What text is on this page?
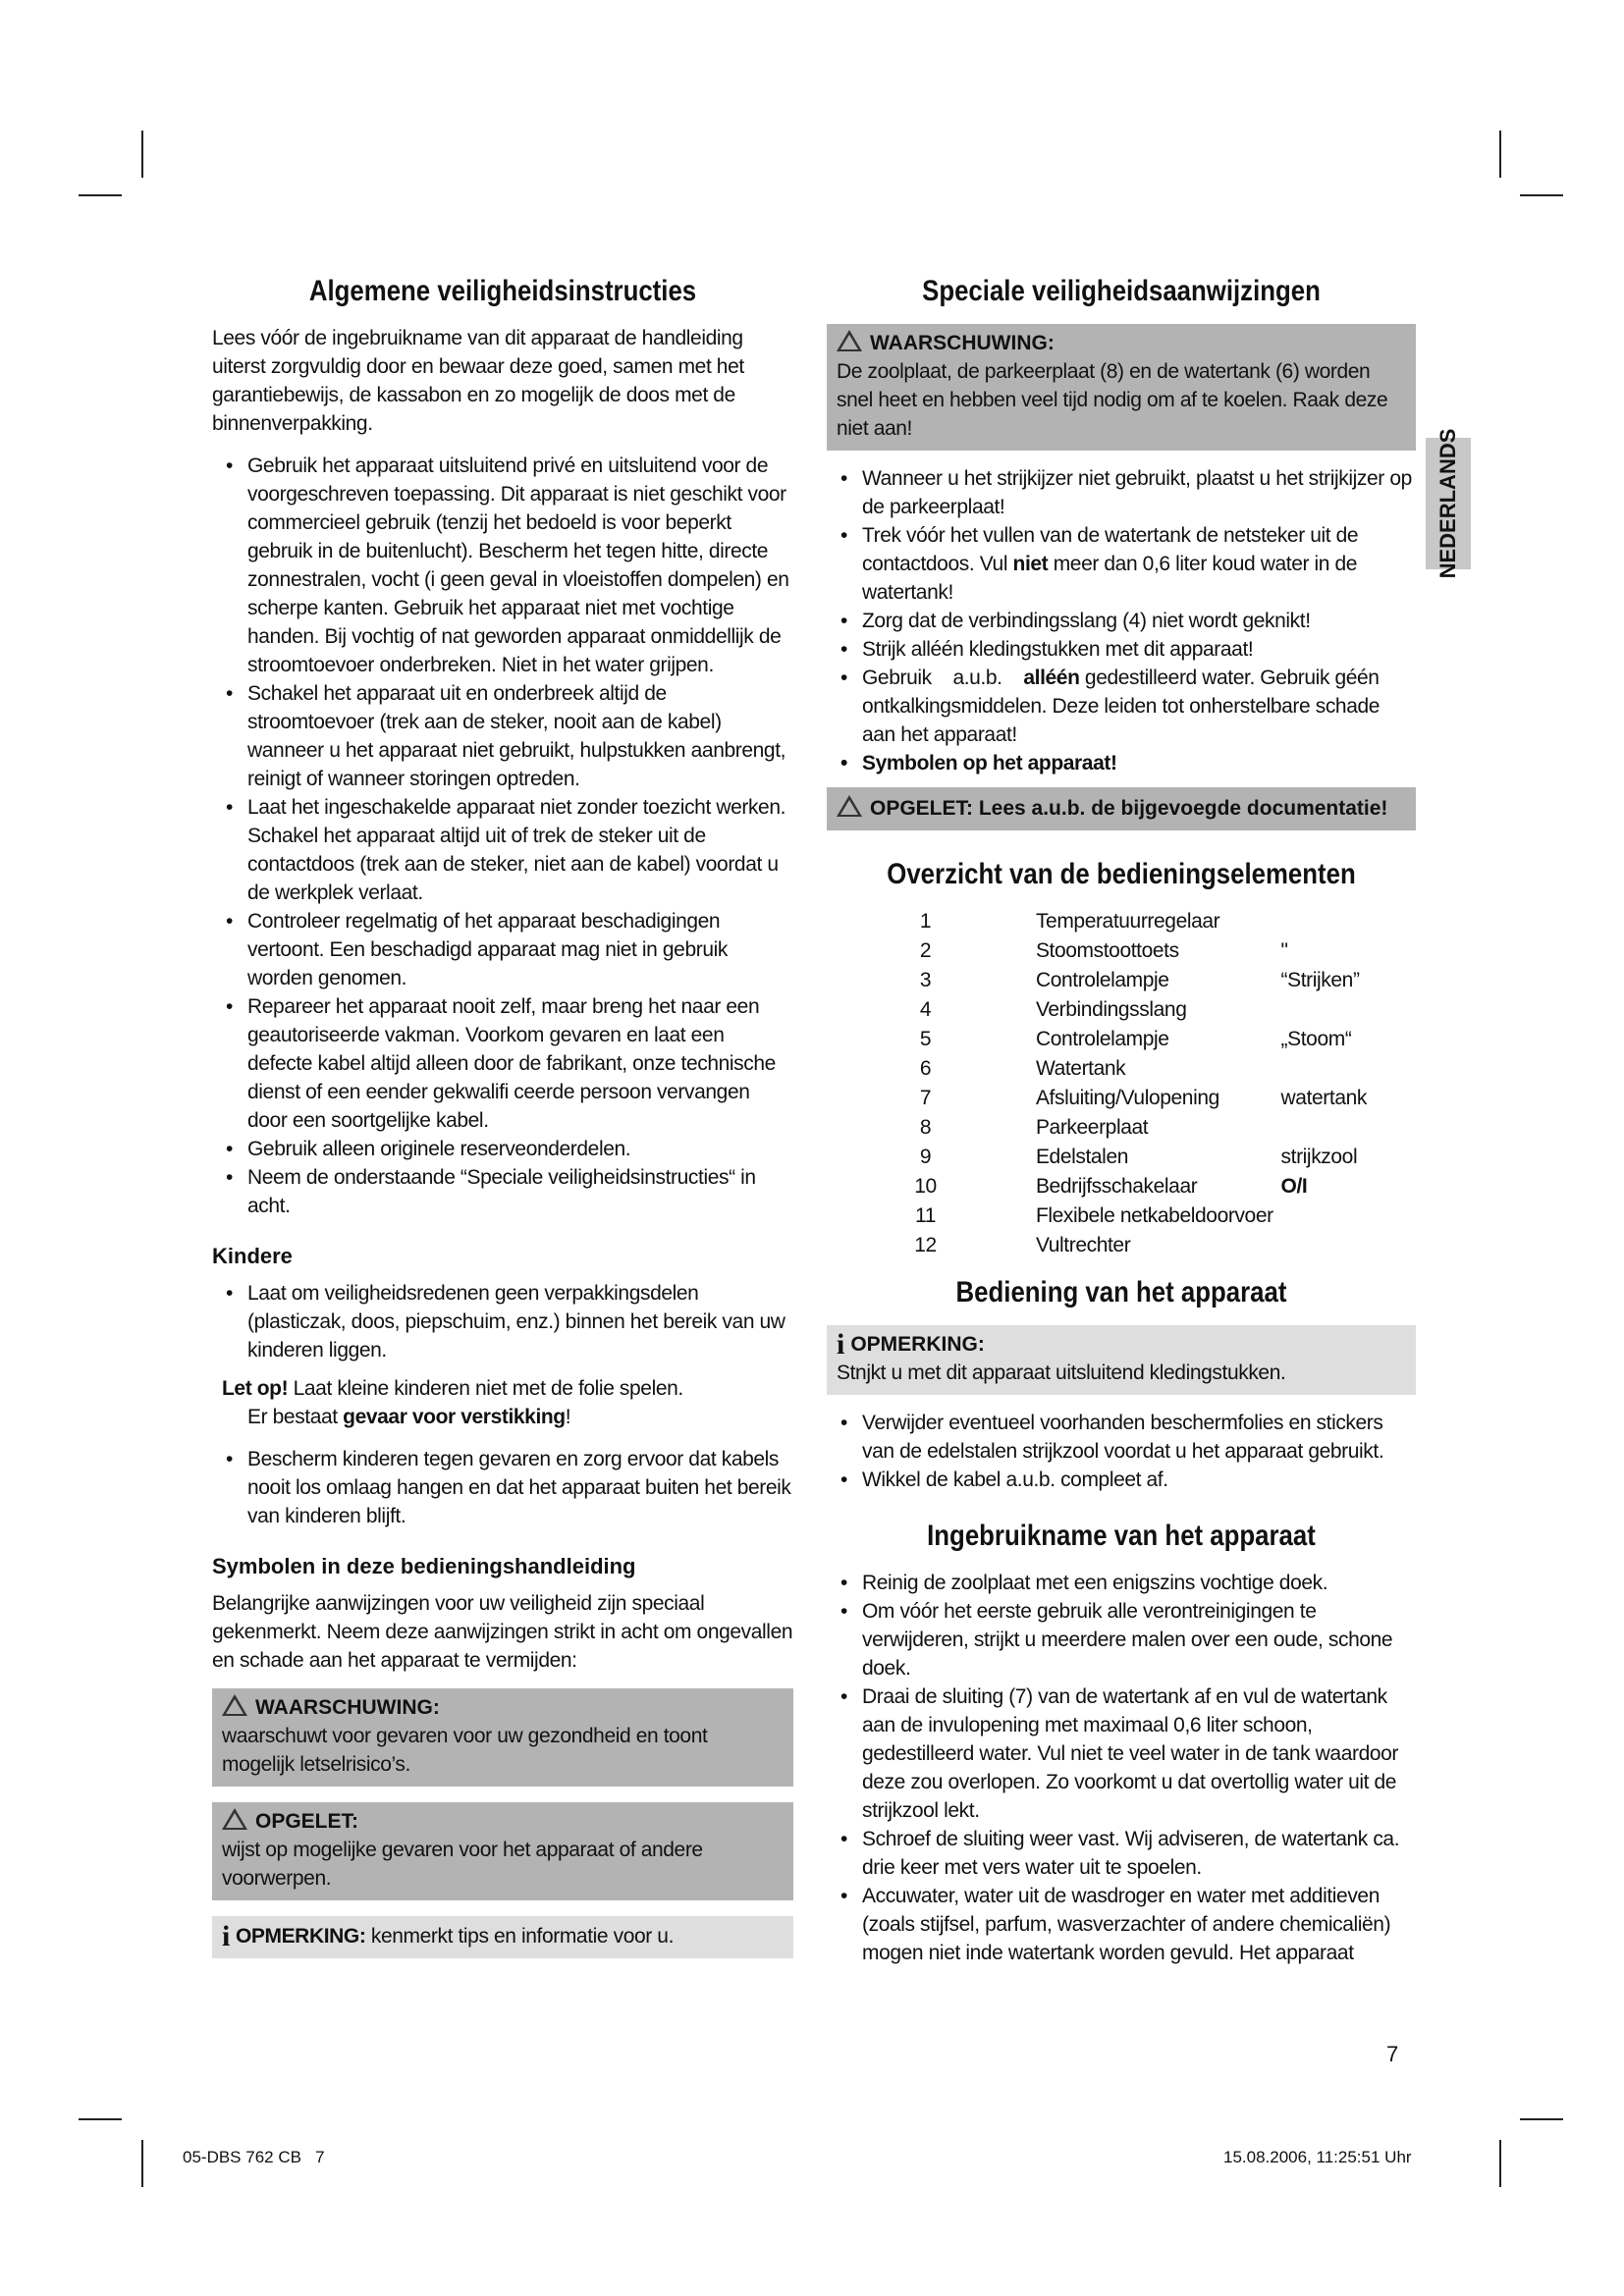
Algemene veiligheidsinstructies

Lees vóór de ingebruikname van dit apparaat de handleiding uiterst zorgvuldig door en bewaar deze goed, samen met het garantiebewijs, de kassabon en zo mogelijk de doos met de binnenverpakking.

• Gebruik het apparaat uitsluitend privé en uitsluitend voor de voorgeschreven toepassing. Dit apparaat is niet geschikt voor commercieel gebruik (tenzij het bedoeld is voor beperkt gebruik in de buitenlucht). Bescherm het tegen hitte, directe zonnestralen, vocht (i geen geval in vloeistoffen dompelen) en scherpe kanten. Gebruik het apparaat niet met vochtige handen. Bij vochtig of nat geworden apparaat onmiddellijk de stroomtoevoer onderbreken. Niet in het water grijpen.
• Schakel het apparaat uit en onderbreek altijd de stroomtoevoer (trek aan de steker, nooit aan de kabel) wanneer u het apparaat niet gebruikt, hulpstukken aanbrengt, reinigt of wanneer storingen optreden.
• Laat het ingeschakelde apparaat niet zonder toezicht werken. Schakel het apparaat altijd uit of trek de steker uit de contactdoos (trek aan de steker, niet aan de kabel) voordat u de werkplek verlaat.
• Controleer regelmatig of het apparaat beschadigingen vertoont. Een beschadigd apparaat mag niet in gebruik worden genomen.
• Repareer het apparaat nooit zelf, maar breng het naar een geautoriseerde vakman. Voorkom gevaren en laat een defecte kabel altijd alleen door de fabrikant, onze technische dienst of een eender gekwalifi ceerde persoon vervangen door een soortgelijke kabel.
• Gebruik alleen originele reserveonderdelen.
• Neem de onderstaande “Speciale veiligheidsinstructies“ in acht.
Kindere
• Laat om veiligheidsredenen geen verpakkingsdelen (plasticzak, doos, piepschuim, enz.) binnen het bereik van uw kinderen liggen.
Let op! Laat kleine kinderen niet met de folie spelen.
Er bestaat gevaar voor verstikking!
• Bescherm kinderen tegen gevaren en zorg ervoor dat kabels nooit los omlaag hangen en dat het apparaat buiten het bereik van kinderen blijft.
Symbolen in deze bedieningshandleiding

Belangrijke aanwijzingen voor uw veiligheid zijn speciaal gekenmerkt. Neem deze aanwijzingen strikt in acht om ongevallen en schade aan het apparaat te vermijden:

WAARSCHUWING:
waarschuwt voor gevaren voor uw gezondheid en toont mogelijk letselrisico’s.
OPGELET:
wijst op mogelijke gevaren voor het apparaat of andere voorwerpen.
i OPMERKING: kenmerkt tips en informatie voor u.
Speciale veiligheidsaanwijzingen
WAARSCHUWING:
De zoolplaat, de parkeerplaat (8) en de watertank (6) worden snel heet en hebben veel tijd nodig om af te koelen. Raak deze niet aan!
• Wanneer u het strijkijzer niet gebruikt, plaatst u het strijkijzer op de parkeerplaat!
• Trek vóór het vullen van de watertank de netsteker uit de contactdoos. Vul niet meer dan 0,6 liter koud water in de watertank!
• Zorg dat de verbindingsslang (4) niet wordt geknikt!
• Strijk alléén kledingstukken met dit apparaat!
• Gebruik    a.u.b.    alléén gedestilleerd water. Gebruik géén ontkalkingsmiddelen. Deze leiden tot onherstelbare schade aan het apparaat!
• Symbolen op het apparaat!
OPGELET: Lees a.u.b. de bijgevoegde documentatie!
Overzicht van de bedieningselementen
1	Temperatuurregelaar	
2	Stoomstoottoets	"
3	Controlelampje	“Strijken”
4	Verbindingsslang	
5	Controlelampje	„Stoom“
6	Watertank	
7	Afsluiting/Vulopening	watertank
8	Parkeerplaat	
9	Edelstalen	strijkzool
10	Bedrijfsschakelaar	O/I
11	Flexibele netkabeldoorvoer	
12	Vultrechter	
Bediening van het apparaat
i OPMERKING:
Stnjkt u met dit apparaat uitsluitend kledingstukken.
• Verwijder eventueel voorhanden beschermfolies en stickers van de edelstalen strijkzool voordat u het apparaat gebruikt.
• Wikkel de kabel a.u.b. compleet af.
Ingebruikname van het apparaat
• Reinig de zoolplaat met een enigszins vochtige doek.
• Om vóór het eerste gebruik alle verontreinigingen te verwijderen, strijkt u meerdere malen over een oude, schone doek.
• Draai de sluiting (7) van de watertank af en vul de watertank aan de invulopening met maximaal 0,6 liter schoon, gedestilleerd water. Vul niet te veel water in de tank waardoor deze zou overlopen. Zo voorkomt u dat overtollig water uit de strijkzool lekt.
• Schroef de sluiting weer vast. Wij adviseren, de watertank ca. drie keer met vers water uit te spoelen.
• Accuwater, water uit de wasdroger en water met additieven (zoals stijfsel, parfum, wasverzachter of andere chemicaliën) mogen niet inde watertank worden gevuld. Het apparaat
NEDERLANDS
7
05-DBS 762 CB   7	15.08.2006, 11:25:51 Uhr
